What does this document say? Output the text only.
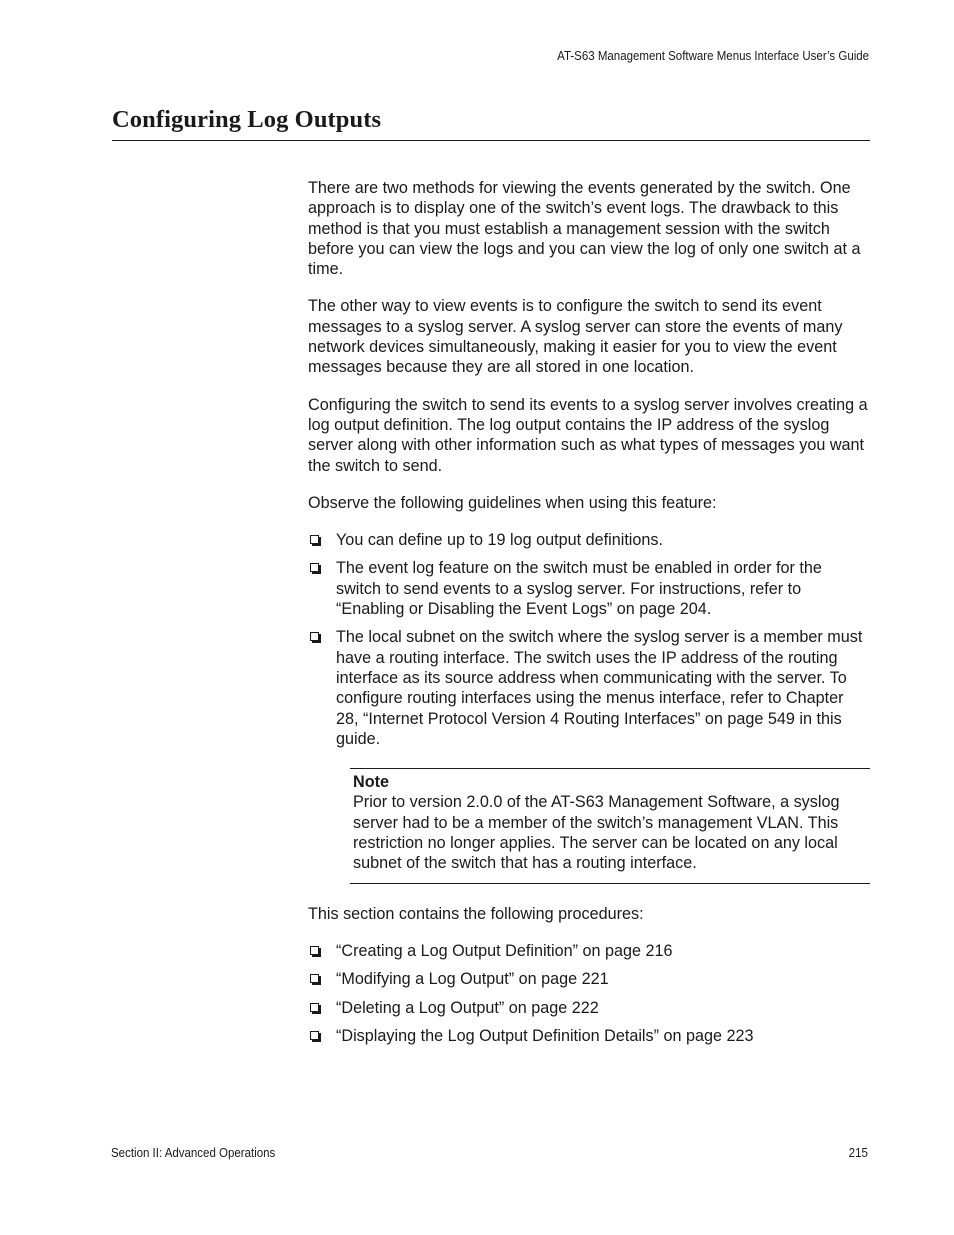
AT-S63 Management Software Menus Interface User’s Guide
Configuring Log Outputs

There are two methods for viewing the events generated by the switch. One approach is to display one of the switch’s event logs. The drawback to this method is that you must establish a management session with the switch before you can view the logs and you can view the log of only one switch at a time.

The other way to view events is to configure the switch to send its event messages to a syslog server. A syslog server can store the events of many network devices simultaneously, making it easier for you to view the event messages because they are all stored in one location.

Configuring the switch to send its events to a syslog server involves creating a log output definition. The log output contains the IP address of the syslog server along with other information such as what types of messages you want the switch to send.

Observe the following guidelines when using this feature:

You can define up to 19 log output definitions.
The event log feature on the switch must be enabled in order for the switch to send events to a syslog server. For instructions, refer to “Enabling or Disabling the Event Logs” on page 204.
The local subnet on the switch where the syslog server is a member must have a routing interface. The switch uses the IP address of the routing interface as its source address when communicating with the server. To configure routing interfaces using the menus interface, refer to Chapter 28, “Internet Protocol Version 4 Routing Interfaces” on page 549 in this guide.
Note
Prior to version 2.0.0 of the AT-S63 Management Software, a syslog server had to be a member of the switch’s management VLAN. This restriction no longer applies. The server can be located on any local subnet of the switch that has a routing interface.

This section contains the following procedures:

“Creating a Log Output Definition” on page 216
“Modifying a Log Output” on page 221
“Deleting a Log Output” on page 222
“Displaying the Log Output Definition Details” on page 223
Section II: Advanced Operations	215
